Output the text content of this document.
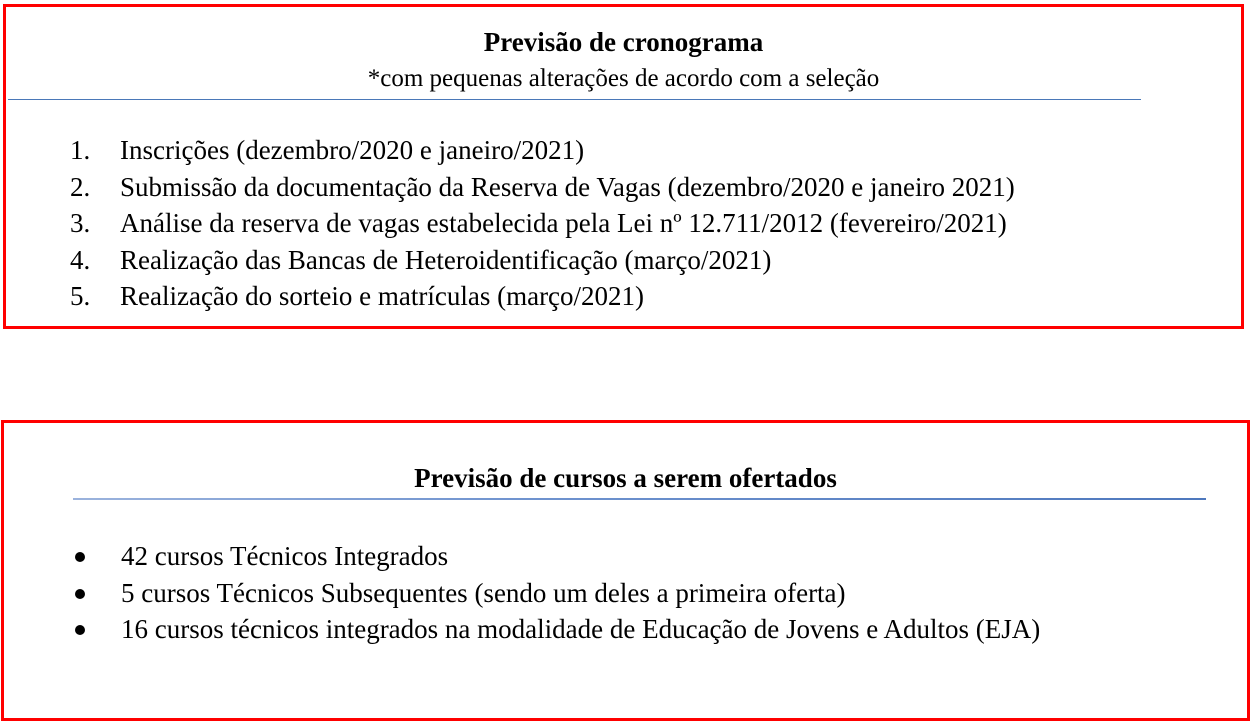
Previsão de cronograma
*com pequenas alterações de acordo com a seleção
1.	Inscrições (dezembro/2020 e janeiro/2021)
2.	Submissão da documentação da Reserva de Vagas (dezembro/2020 e janeiro 2021)
3.	Análise da reserva de vagas estabelecida pela Lei nº 12.711/2012 (fevereiro/2021)
4.	Realização das Bancas de Heteroidentificação (março/2021)
5.	Realização do sorteio e matrículas (março/2021)
Previsão de cursos a serem ofertados
42 cursos Técnicos Integrados
5 cursos Técnicos Subsequentes (sendo um deles a primeira oferta)
16 cursos técnicos integrados na modalidade de Educação de Jovens e Adultos (EJA)
